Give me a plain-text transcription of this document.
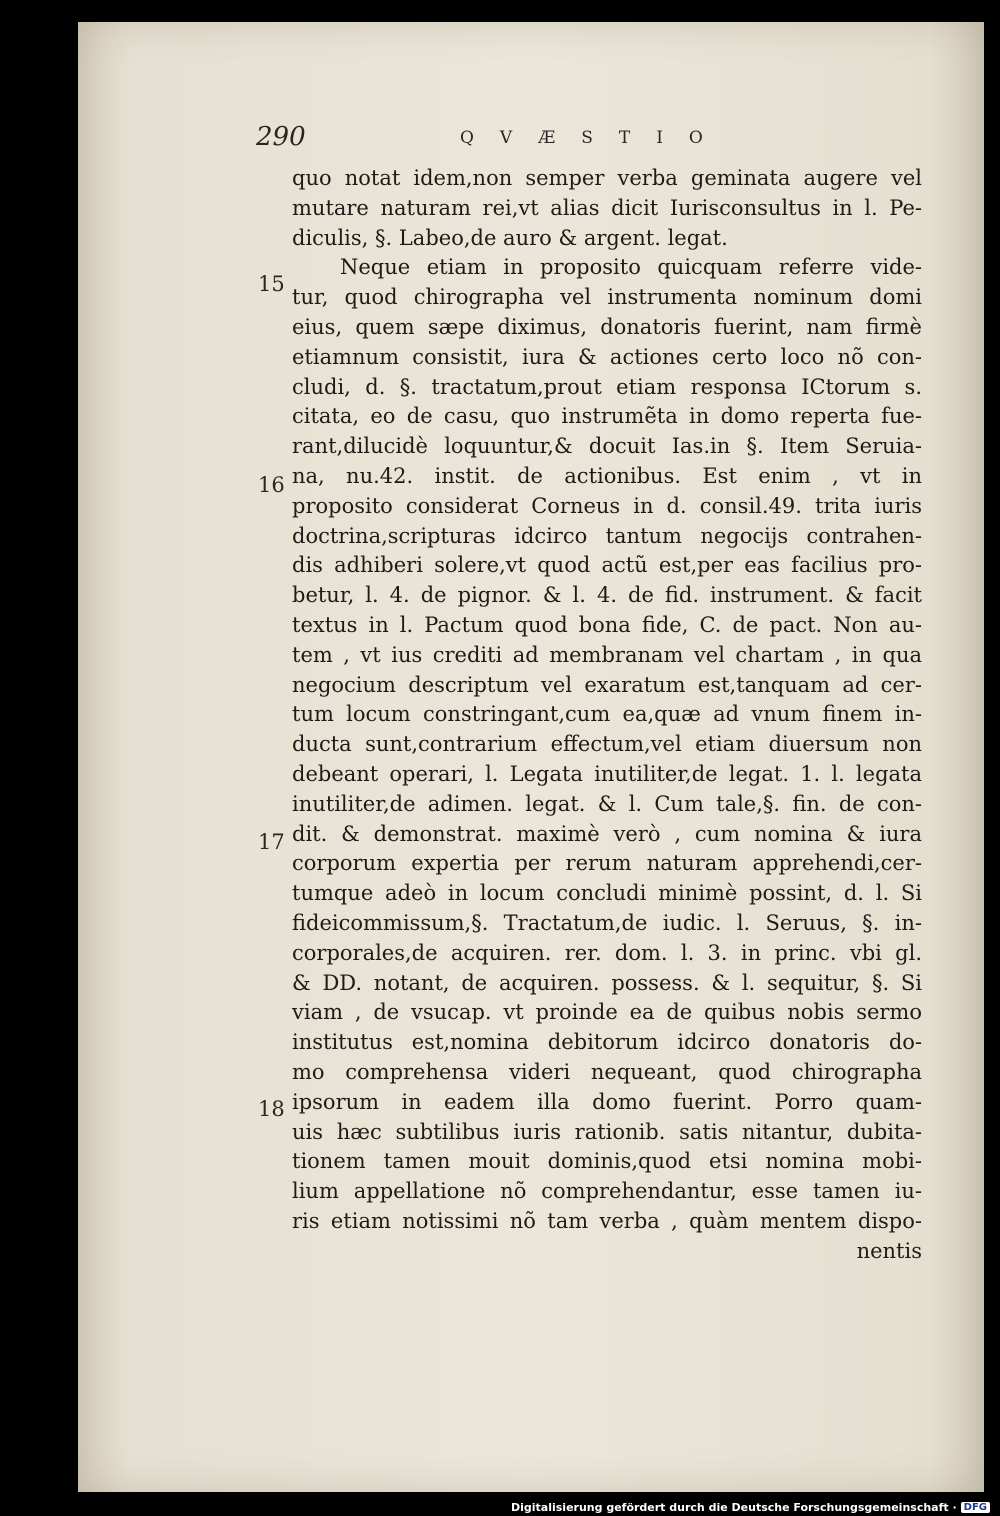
290	QVÆSTIO
15
16
17
18
quo notat idem,non semper verba geminata augere vel
mutare naturam rei,vt alias dicit Iurisconsultus in l. Pe-
diculis, §. Labeo,de auro & argent. legat.
Neque etiam in proposito quicquam referre vide-
tur, quod chirographa vel instrumenta nominum domi
eius, quem sæpe diximus, donatoris fuerint, nam firmè
etiamnum consistit, iura & actiones certo loco nõ con-
cludi, d. §. tractatum,prout etiam responsa ICtorum s.
citata, eo de casu, quo instrumẽta in domo reperta fue-
rant,dilucidè loquuntur,& docuit Ias.in §. Item Seruia-
na, nu.42. instit. de actionibus. Est enim , vt in
proposito considerat Corneus in d. consil.49. trita iuris
doctrina,scripturas idcirco tantum negocijs contrahen-
dis adhiberi solere,vt quod actũ est,per eas facilius pro-
betur, l. 4. de pignor. & l. 4. de fid. instrument. & facit
textus in l. Pactum quod bona fide, C. de pact. Non au-
tem , vt ius crediti ad membranam vel chartam , in qua
negocium descriptum vel exaratum est,tanquam ad cer-
tum locum constringant,cum ea,quæ ad vnum finem in-
ducta sunt,contrarium effectum,vel etiam diuersum non
debeant operari, l. Legata inutiliter,de legat. 1. l. legata
inutiliter,de adimen. legat. & l. Cum tale,§. fin. de con-
dit. & demonstrat. maximè verò , cum nomina & iura
corporum expertia per rerum naturam apprehendi,cer-
tumque adeò in locum concludi minimè possint, d. l. Si
fideicommissum,§. Tractatum,de iudic. l. Seruus, §. in-
corporales,de acquiren. rer. dom. l. 3. in princ. vbi gl.
& DD. notant, de acquiren. possess. & l. sequitur, §. Si
viam , de vsucap. vt proinde ea de quibus nobis sermo
institutus est,nomina debitorum idcirco donatoris do-
mo comprehensa videri nequeant, quod chirographa
ipsorum in eadem illa domo fuerint. Porro quam-
uis hæc subtilibus iuris rationib. satis nitantur, dubita-
tionem tamen mouit dominis,quod etsi nomina mobi-
lium appellatione nõ comprehendantur, esse tamen iu-
ris etiam notissimi nõ tam verba , quàm mentem dispo-
nentis
Digitalisierung gefördert durch die Deutsche Forschungsgemeinschaft · DFG
